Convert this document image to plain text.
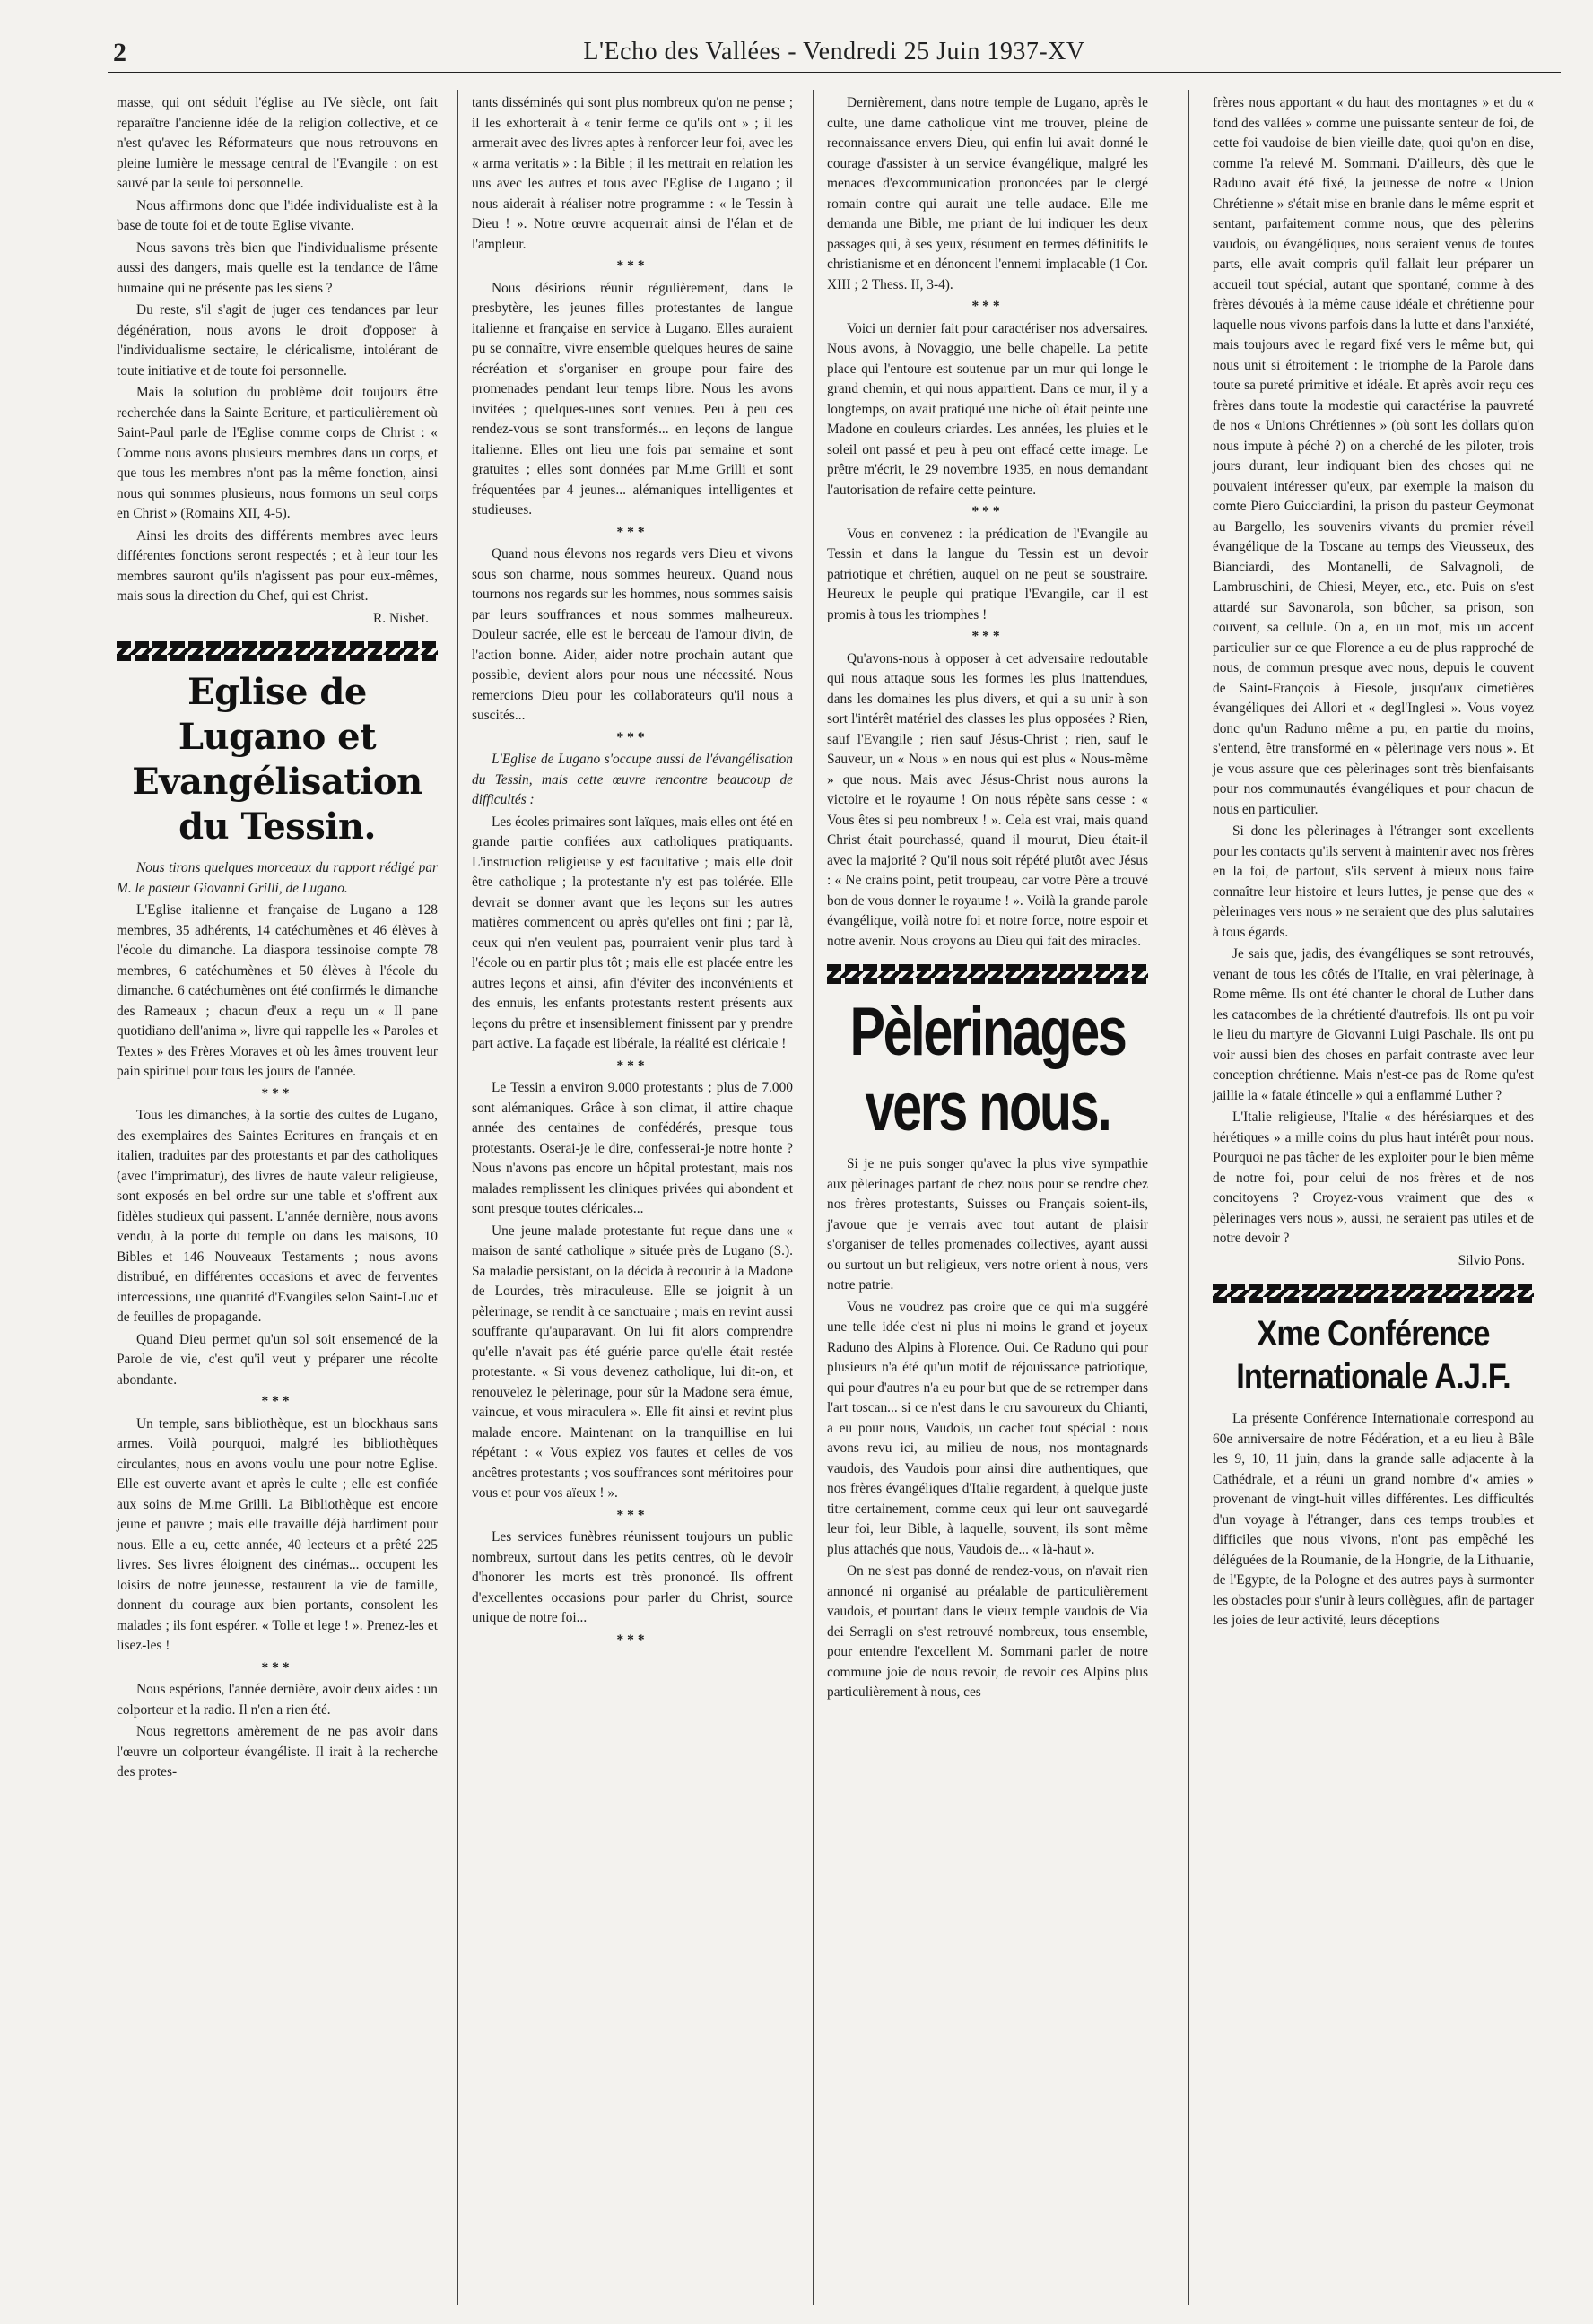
2	L'Echo des Vallées - Vendredi 25 Juin 1937-XV

masse, qui ont séduit l'église au IVe siècle, ont fait reparaître l'ancienne idée de la religion collective, et ce n'est qu'avec les Réformateurs que nous retrouvons en pleine lumière le message central de l'Evangile : on est sauvé par la seule foi personnelle.

Nous affirmons donc que l'idée individualiste est à la base de toute foi et de toute Eglise vivante.

Nous savons très bien que l'individualisme présente aussi des dangers, mais quelle est la tendance de l'âme humaine qui ne présente pas les siens ?

Du reste, s'il s'agit de juger ces tendances par leur dégénération, nous avons le droit d'opposer à l'individualisme sectaire, le cléricalisme, intolérant de toute initiative et de toute foi personnelle.

Mais la solution du problème doit toujours être recherchée dans la Sainte Ecriture, et particulièrement où Saint-Paul parle de l'Eglise comme corps de Christ : « Comme nous avons plusieurs membres dans un corps, et que tous les membres n'ont pas la même fonction, ainsi nous qui sommes plusieurs, nous formons un seul corps en Christ » (Romains XII, 4-5).

Ainsi les droits des différents membres avec leurs différentes fonctions seront respectés ; et à leur tour les membres sauront qu'ils n'agissent pas pour eux-mêmes, mais sous la direction du Chef, qui est Christ.

R. Nisbet.

Eglise de Lugano et Evangélisation du Tessin.

Nous tirons quelques morceaux du rapport rédigé par M. le pasteur Giovanni Grilli, de Lugano.

L'Eglise italienne et française de Lugano a 128 membres, 35 adhérents, 14 catéchumènes et 46 élèves à l'école du dimanche. La diaspora tessinoise compte 78 membres, 6 catéchumènes et 50 élèves à l'école du dimanche. 6 catéchumènes ont été confirmés le dimanche des Rameaux ; chacun d'eux a reçu un « Il pane quotidiano dell'anima », livre qui rappelle les « Paroles et Textes » des Frères Moraves et où les âmes trouvent leur pain spirituel pour tous les jours de l'année.

***

Tous les dimanches, à la sortie des cultes de Lugano, des exemplaires des Saintes Ecritures en français et en italien, traduites par des protestants et par des catholiques (avec l'imprimatur), des livres de haute valeur religieuse, sont exposés en bel ordre sur une table et s'offrent aux fidèles studieux qui passent. L'année dernière, nous avons vendu, à la porte du temple ou dans les maisons, 10 Bibles et 146 Nouveaux Testaments ; nous avons distribué, en différentes occasions et avec de ferventes intercessions, une quantité d'Evangiles selon Saint-Luc et de feuilles de propagande.

Quand Dieu permet qu'un sol soit ensemencé de la Parole de vie, c'est qu'il veut y préparer une récolte abondante.

***

Un temple, sans bibliothèque, est un blockhaus sans armes. Voilà pourquoi, malgré les bibliothèques circulantes, nous en avons voulu une pour notre Eglise. Elle est ouverte avant et après le culte ; elle est confiée aux soins de M.me Grilli. La Bibliothèque est encore jeune et pauvre ; mais elle travaille déjà hardiment pour nous. Elle a eu, cette année, 40 lecteurs et a prêté 225 livres. Ses livres éloignent des cinémas... occupent les loisirs de notre jeunesse, restaurent la vie de famille, donnent du courage aux bien portants, consolent les malades ; ils font espérer. « Tolle et lege ! ». Prenez-les et lisez-les !

***

Nous espérions, l'année dernière, avoir deux aides : un colporteur et la radio. Il n'en a rien été.

Nous regrettons amèrement de ne pas avoir dans l'œuvre un colporteur évangéliste. Il irait à la recherche des protes-

tants disséminés qui sont plus nombreux qu'on ne pense ; il les exhorterait à « tenir ferme ce qu'ils ont » ; il les armerait avec des livres aptes à renforcer leur foi, avec les « arma veritatis » : la Bible ; il les mettrait en relation les uns avec les autres et tous avec l'Eglise de Lugano ; il nous aiderait à réaliser notre programme : « le Tessin à Dieu ! ». Notre œuvre acquerrait ainsi de l'élan et de l'ampleur.

***

Nous désirions réunir régulièrement, dans le presbytère, les jeunes filles protestantes de langue italienne et française en service à Lugano. Elles auraient pu se connaître, vivre ensemble quelques heures de saine récréation et s'organiser en groupe pour faire des promenades pendant leur temps libre. Nous les avons invitées ; quelques-unes sont venues. Peu à peu ces rendez-vous se sont transformés... en leçons de langue italienne. Elles ont lieu une fois par semaine et sont gratuites ; elles sont données par M.me Grilli et sont fréquentées par 4 jeunes... alémaniques intelligentes et studieuses.

***

Quand nous élevons nos regards vers Dieu et vivons sous son charme, nous sommes heureux. Quand nous tournons nos regards sur les hommes, nous sommes saisis par leurs souffrances et nous sommes malheureux. Douleur sacrée, elle est le berceau de l'amour divin, de l'action bonne. Aider, aider notre prochain autant que possible, devient alors pour nous une nécessité. Nous remercions Dieu pour les collaborateurs qu'il nous a suscités...

***

L'Eglise de Lugano s'occupe aussi de l'évangélisation du Tessin, mais cette œuvre rencontre beaucoup de difficultés :

Les écoles primaires sont laïques, mais elles ont été en grande partie confiées aux catholiques pratiquants. L'instruction religieuse y est facultative ; mais elle doit être catholique ; la protestante n'y est pas tolérée. Elle devrait se donner avant que les leçons sur les autres matières commencent ou après qu'elles ont fini ; par là, ceux qui n'en veulent pas, pourraient venir plus tard à l'école ou en partir plus tôt ; mais elle est placée entre les autres leçons et ainsi, afin d'éviter des inconvénients et des ennuis, les enfants protestants restent présents aux leçons du prêtre et insensiblement finissent par y prendre part active. La façade est libérale, la réalité est cléricale !

***

Le Tessin a environ 9.000 protestants ; plus de 7.000 sont alémaniques. Grâce à son climat, il attire chaque année des centaines de confédérés, presque tous protestants. Oserai-je le dire, confesserai-je notre honte ? Nous n'avons pas encore un hôpital protestant, mais nos malades remplissent les cliniques privées qui abondent et sont presque toutes cléricales...

Une jeune malade protestante fut reçue dans une « maison de santé catholique » située près de Lugano (S.). Sa maladie persistant, on la décida à recourir à la Madone de Lourdes, très miraculeuse. Elle se joignit à un pèlerinage, se rendit à ce sanctuaire ; mais en revint aussi souffrante qu'auparavant. On lui fit alors comprendre qu'elle n'avait pas été guérie parce qu'elle était restée protestante. « Si vous devenez catholique, lui dit-on, et renouvelez le pèlerinage, pour sûr la Madone sera émue, vaincue, et vous miraculera ». Elle fit ainsi et revint plus malade encore. Maintenant on la tranquillise en lui répétant : « Vous expiez vos fautes et celles de vos ancêtres protestants ; vos souffrances sont méritoires pour vous et pour vos aïeux ! ».

***

Les services funèbres réunissent toujours un public nombreux, surtout dans les petits centres, où le devoir d'honorer les morts est très prononcé. Ils offrent d'excellentes occasions pour parler du Christ, source unique de notre foi...

***

Dernièrement, dans notre temple de Lugano, après le culte, une dame catholique vint me trouver, pleine de reconnaissance envers Dieu, qui enfin lui avait donné le courage d'assister à un service évangélique, malgré les menaces d'excommunication prononcées par le clergé romain contre qui aurait une telle audace. Elle me demanda une Bible, me priant de lui indiquer les deux passages qui, à ses yeux, résument en termes définitifs le christianisme et en dénoncent l'ennemi implacable (1 Cor. XIII ; 2 Thess. II, 3-4).

***

Voici un dernier fait pour caractériser nos adversaires. Nous avons, à Novaggio, une belle chapelle. La petite place qui l'entoure est soutenue par un mur qui longe le grand chemin, et qui nous appartient. Dans ce mur, il y a longtemps, on avait pratiqué une niche où était peinte une Madone en couleurs criardes. Les années, les pluies et le soleil ont passé et peu à peu ont effacé cette image. Le prêtre m'écrit, le 29 novembre 1935, en nous demandant l'autorisation de refaire cette peinture.

***

Vous en convenez : la prédication de l'Evangile au Tessin et dans la langue du Tessin est un devoir patriotique et chrétien, auquel on ne peut se soustraire. Heureux le peuple qui pratique l'Evangile, car il est promis à tous les triomphes !

***

Qu'avons-nous à opposer à cet adversaire redoutable qui nous attaque sous les formes les plus inattendues, dans les domaines les plus divers, et qui a su unir à son sort l'intérêt matériel des classes les plus opposées ? Rien, sauf l'Evangile ; rien sauf Jésus-Christ ; rien, sauf le Sauveur, un « Nous » en nous qui est plus « Nous-même » que nous. Mais avec Jésus-Christ nous aurons la victoire et le royaume ! On nous répète sans cesse : « Vous êtes si peu nombreux ! ». Cela est vrai, mais quand Christ était pourchassé, quand il mourut, Dieu était-il avec la majorité ? Qu'il nous soit répété plutôt avec Jésus : « Ne crains point, petit troupeau, car votre Père a trouvé bon de vous donner le royaume ! ». Voilà la grande parole évangélique, voilà notre foi et notre force, notre espoir et notre avenir. Nous croyons au Dieu qui fait des miracles.

Pèlerinages vers nous.

Si je ne puis songer qu'avec la plus vive sympathie aux pèlerinages partant de chez nous pour se rendre chez nos frères protestants, Suisses ou Français soient-ils, j'avoue que je verrais avec tout autant de plaisir s'organiser de telles promenades collectives, ayant aussi ou surtout un but religieux, vers notre orient à nous, vers notre patrie.

Vous ne voudrez pas croire que ce qui m'a suggéré une telle idée c'est ni plus ni moins le grand et joyeux Raduno des Alpins à Florence. Oui. Ce Raduno qui pour plusieurs n'a été qu'un motif de réjouissance patriotique, qui pour d'autres n'a eu pour but que de se retremper dans l'art toscan... si ce n'est dans le cru savoureux du Chianti, a eu pour nous, Vaudois, un cachet tout spécial : nous avons revu ici, au milieu de nous, nos montagnards vaudois, des Vaudois pour ainsi dire authentiques, que nos frères évangéliques d'Italie regardent, à quelque juste titre certainement, comme ceux qui leur ont sauvegardé leur foi, leur Bible, à laquelle, souvent, ils sont même plus attachés que nous, Vaudois de... « là-haut ».

On ne s'est pas donné de rendez-vous, on n'avait rien annoncé ni organisé au préalable de particulièrement vaudois, et pourtant dans le vieux temple vaudois de Via dei Serragli on s'est retrouvé nombreux, tous ensemble, pour entendre l'excellent M. Sommani parler de notre commune joie de nous revoir, de revoir ces Alpins plus particulièrement à nous, ces

frères nous apportant « du haut des montagnes » et du « fond des vallées » comme une puissante senteur de foi, de cette foi vaudoise de bien vieille date, quoi qu'on en dise, comme l'a relevé M. Sommani. D'ailleurs, dès que le Raduno avait été fixé, la jeunesse de notre « Union Chrétienne » s'était mise en branle dans le même esprit et sentant, parfaitement comme nous, que des pèlerins vaudois, ou évangéliques, nous seraient venus de toutes parts, elle avait compris qu'il fallait leur préparer un accueil tout spécial, autant que spontané, comme à des frères dévoués à la même cause idéale et chrétienne pour laquelle nous vivons parfois dans la lutte et dans l'anxiété, mais toujours avec le regard fixé vers le même but, qui nous unit si étroitement : le triomphe de la Parole dans toute sa pureté primitive et idéale. Et après avoir reçu ces frères dans toute la modestie qui caractérise la pauvreté de nos « Unions Chrétiennes » (où sont les dollars qu'on nous impute à péché ?) on a cherché de les piloter, trois jours durant, leur indiquant bien des choses qui ne pouvaient intéresser qu'eux, par exemple la maison du comte Piero Guicciardini, la prison du pasteur Geymonat au Bargello, les souvenirs vivants du premier réveil évangélique de la Toscane au temps des Vieusseux, des Bianciardi, des Montanelli, de Salvagnoli, de Lambruschini, de Chiesi, Meyer, etc., etc. Puis on s'est attardé sur Savonarola, son bûcher, sa prison, son couvent, sa cellule. On a, en un mot, mis un accent particulier sur ce que Florence a eu de plus rapproché de nous, de commun presque avec nous, depuis le couvent de Saint-François à Fiesole, jusqu'aux cimetières évangéliques dei Allori et « degl'Inglesi ». Vous voyez donc qu'un Raduno même a pu, en partie du moins, s'entend, être transformé en « pèlerinage vers nous ». Et je vous assure que ces pèlerinages sont très bienfaisants pour nos communautés évangéliques et pour chacun de nous en particulier.

Si donc les pèlerinages à l'étranger sont excellents pour les contacts qu'ils servent à maintenir avec nos frères en la foi, de partout, s'ils servent à mieux nous faire connaître leur histoire et leurs luttes, je pense que des « pèlerinages vers nous » ne seraient que des plus salutaires à tous égards.

Je sais que, jadis, des évangéliques se sont retrouvés, venant de tous les côtés de l'Italie, en vrai pèlerinage, à Rome même. Ils ont été chanter le choral de Luther dans les catacombes de la chrétienté d'autrefois. Ils ont pu voir le lieu du martyre de Giovanni Luigi Paschale. Ils ont pu voir aussi bien des choses en parfait contraste avec leur conception chrétienne. Mais n'est-ce pas de Rome qu'est jaillie la « fatale étincelle » qui a enflammé Luther ?

L'Italie religieuse, l'Italie « des hérésiarques et des hérétiques » a mille coins du plus haut intérêt pour nous. Pourquoi ne pas tâcher de les exploiter pour le bien même de notre foi, pour celui de nos frères et de nos concitoyens ? Croyez-vous vraiment que des « pèlerinages vers nous », aussi, ne seraient pas utiles et de notre devoir ?

Silvio Pons.

Xme Conférence Internationale A.J.F.

La présente Conférence Internationale correspond au 60e anniversaire de notre Fédération, et a eu lieu à Bâle les 9, 10, 11 juin, dans la grande salle adjacente à la Cathédrale, et a réuni un grand nombre d'« amies » provenant de vingt-huit villes différentes. Les difficultés d'un voyage à l'étranger, dans ces temps troubles et difficiles que nous vivons, n'ont pas empêché les déléguées de la Roumanie, de la Hongrie, de la Lithuanie, de l'Egypte, de la Pologne et des autres pays à surmonter les obstacles pour s'unir à leurs collègues, afin de partager les joies de leur activité, leurs déceptions
